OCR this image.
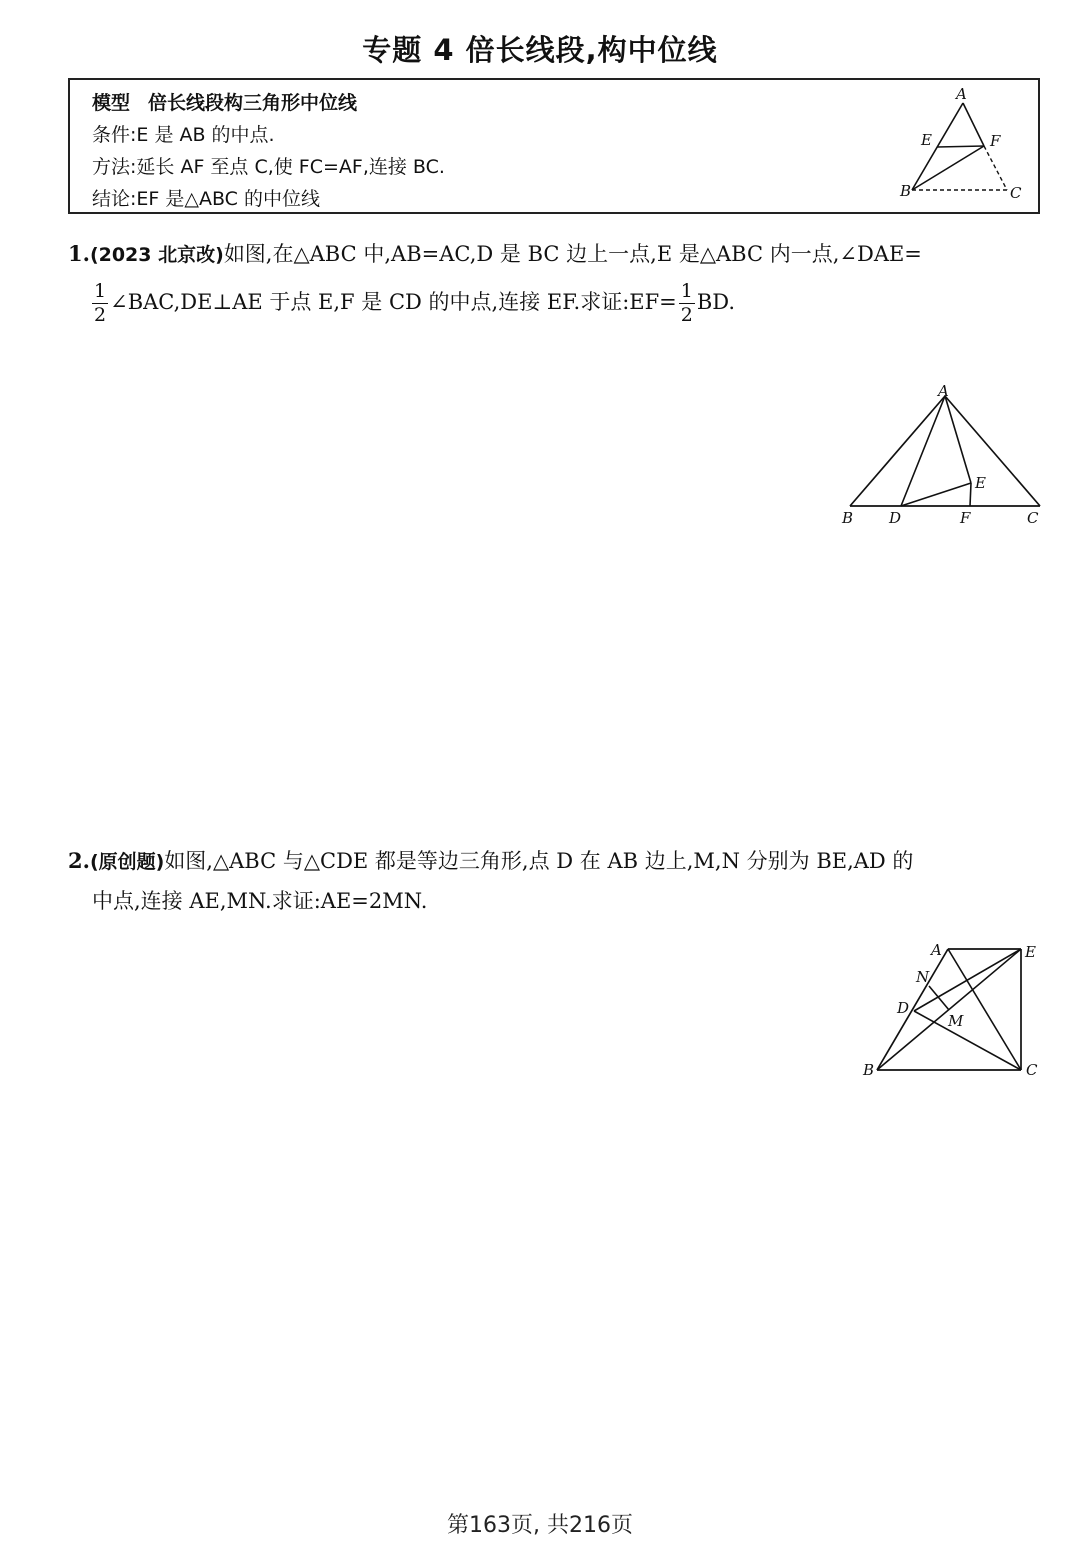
专题 4 倍长线段,构中位线
模型 倍长线段构三角形中位线
条件:E 是 AB 的中点.
方法:延长 AF 至点 C,使 FC=AF,连接 BC.
结论:EF 是△ABC 的中位线
A
E	F
B	C
1.(2023 北京改)如图,在△ABC 中,AB=AC,D 是 BC 边上一点,E 是△ABC 内一点,∠DAE=
$\frac{1}{2}$ ∠BAC,DE⊥AE 于点 E,F 是 CD 的中点,连接 EF.求证:EF= $\frac{1}{2}$ BD.
A
B D
E
F	C
2.(原创题)如图,△ABC 与△CDE 都是等边三角形,点 D 在 AB 边上,M,N 分别为 BE,AD 的
中点,连接 AE,MN.求证:AE=2MN.
A	E
N
D
M
B	C
第163页, 共216页
